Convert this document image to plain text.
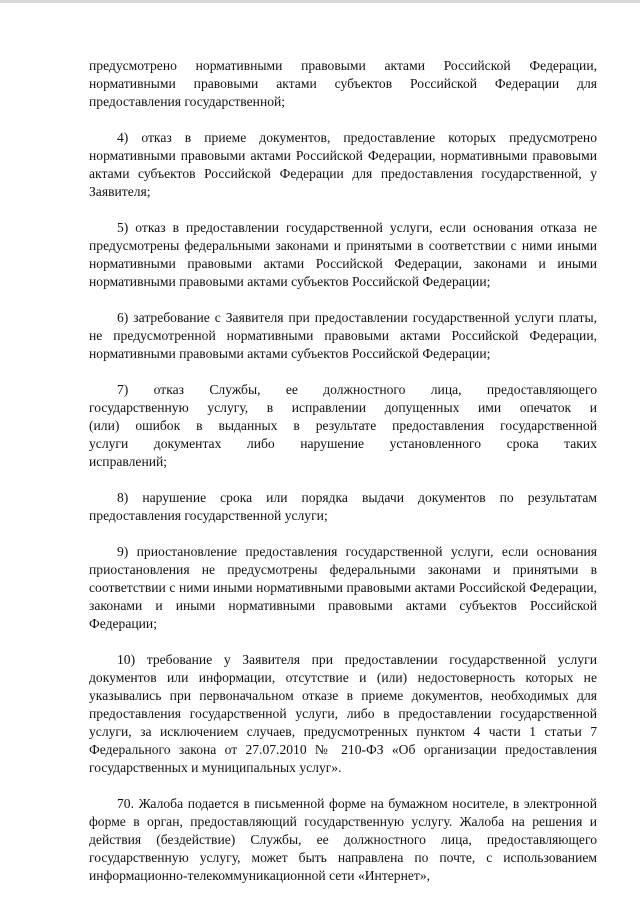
предусмотрено нормативными правовыми актами Российской Федерации, нормативными правовыми актами субъектов Российской Федерации для предоставления государственной;

4) отказ в приеме документов, предоставление которых предусмотрено нормативными правовыми актами Российской Федерации, нормативными правовыми актами субъектов Российской Федерации для предоставления государственной, у Заявителя;

5) отказ в предоставлении государственной услуги, если основания отказа не предусмотрены федеральными законами и принятыми в соответствии с ними иными нормативными правовыми актами Российской Федерации, законами и иными нормативными правовыми актами субъектов Российской Федерации;

6) затребование с Заявителя при предоставлении государственной услуги платы, не предусмотренной нормативными правовыми актами Российской Федерации, нормативными правовыми актами субъектов Российской Федерации;

7) отказ Службы, ее должностного лица, предоставляющего государственную услугу, в исправлении допущенных ими опечаток и (или) ошибок в выданных в результате предоставления государственной услуги документах либо нарушение установленного срока таких исправлений;

8) нарушение срока или порядка выдачи документов по результатам предоставления государственной услуги;

9) приостановление предоставления государственной услуги, если основания приостановления не предусмотрены федеральными законами и принятыми в соответствии с ними иными нормативными правовыми актами Российской Федерации, законами и иными нормативными правовыми актами субъектов Российской Федерации;

10) требование у Заявителя при предоставлении государственной услуги документов или информации, отсутствие и (или) недостоверность которых не указывались при первоначальном отказе в приеме документов, необходимых для предоставления государственной услуги, либо в предоставлении государственной услуги, за исключением случаев, предусмотренных пунктом 4 части 1 статьи 7 Федерального закона от 27.07.2010 № 210-ФЗ «Об организации предоставления государственных и муниципальных услуг».

70. Жалоба подается в письменной форме на бумажном носителе, в электронной форме в орган, предоставляющий государственную услугу. Жалоба на решения и действия (бездействие) Службы, ее должностного лица, предоставляющего государственную услугу, может быть направлена по почте, с использованием информационно-телекоммуникационной сети «Интернет»,
